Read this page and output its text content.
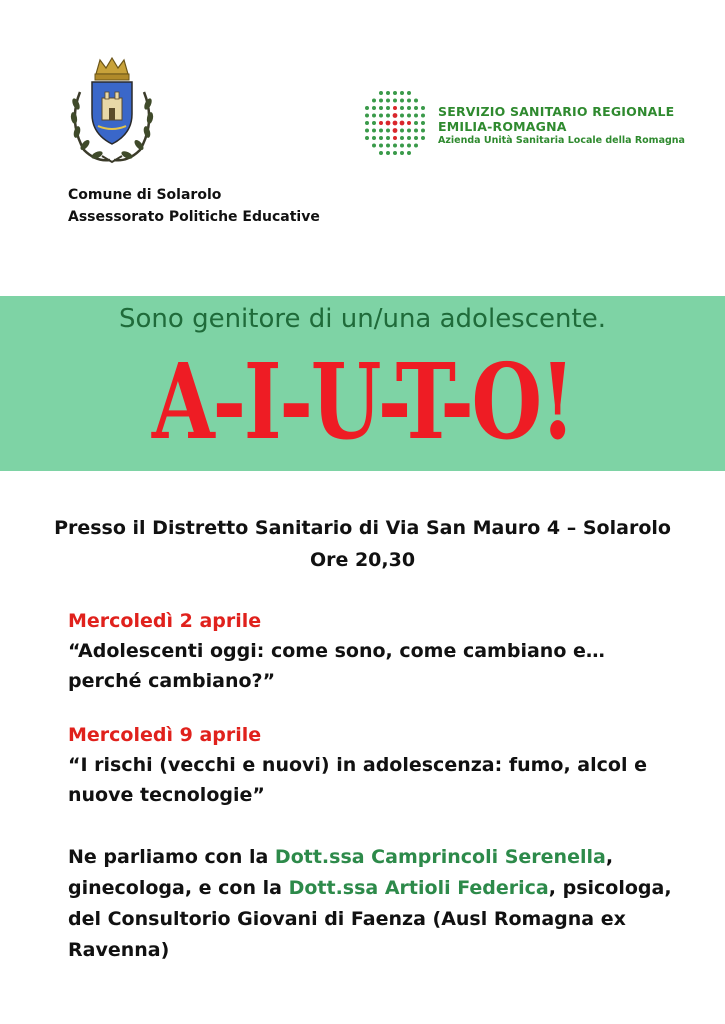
SERVIZIO SANITARIO REGIONALE
EMILIA-ROMAGNA
Azienda Unità Sanitaria Locale della Romagna
Comune di Solarolo
Assessorato Politiche Educative
Sono genitore di un/una adolescente.
A-I-U-T-O!
Presso il Distretto Sanitario di Via San Mauro 4 – Solarolo
Ore 20,30
Mercoledì 2 aprile
“Adolescenti oggi: come sono, come cambiano e… perché cambiano?”
Mercoledì 9 aprile
“I rischi (vecchi e nuovi) in adolescenza: fumo, alcol e nuove tecnologie”
Ne parliamo con la Dott.ssa Camprincoli Serenella, ginecologa, e con la Dott.ssa Artioli Federica, psicologa, del Consultorio Giovani di Faenza (Ausl Romagna ex Ravenna)
